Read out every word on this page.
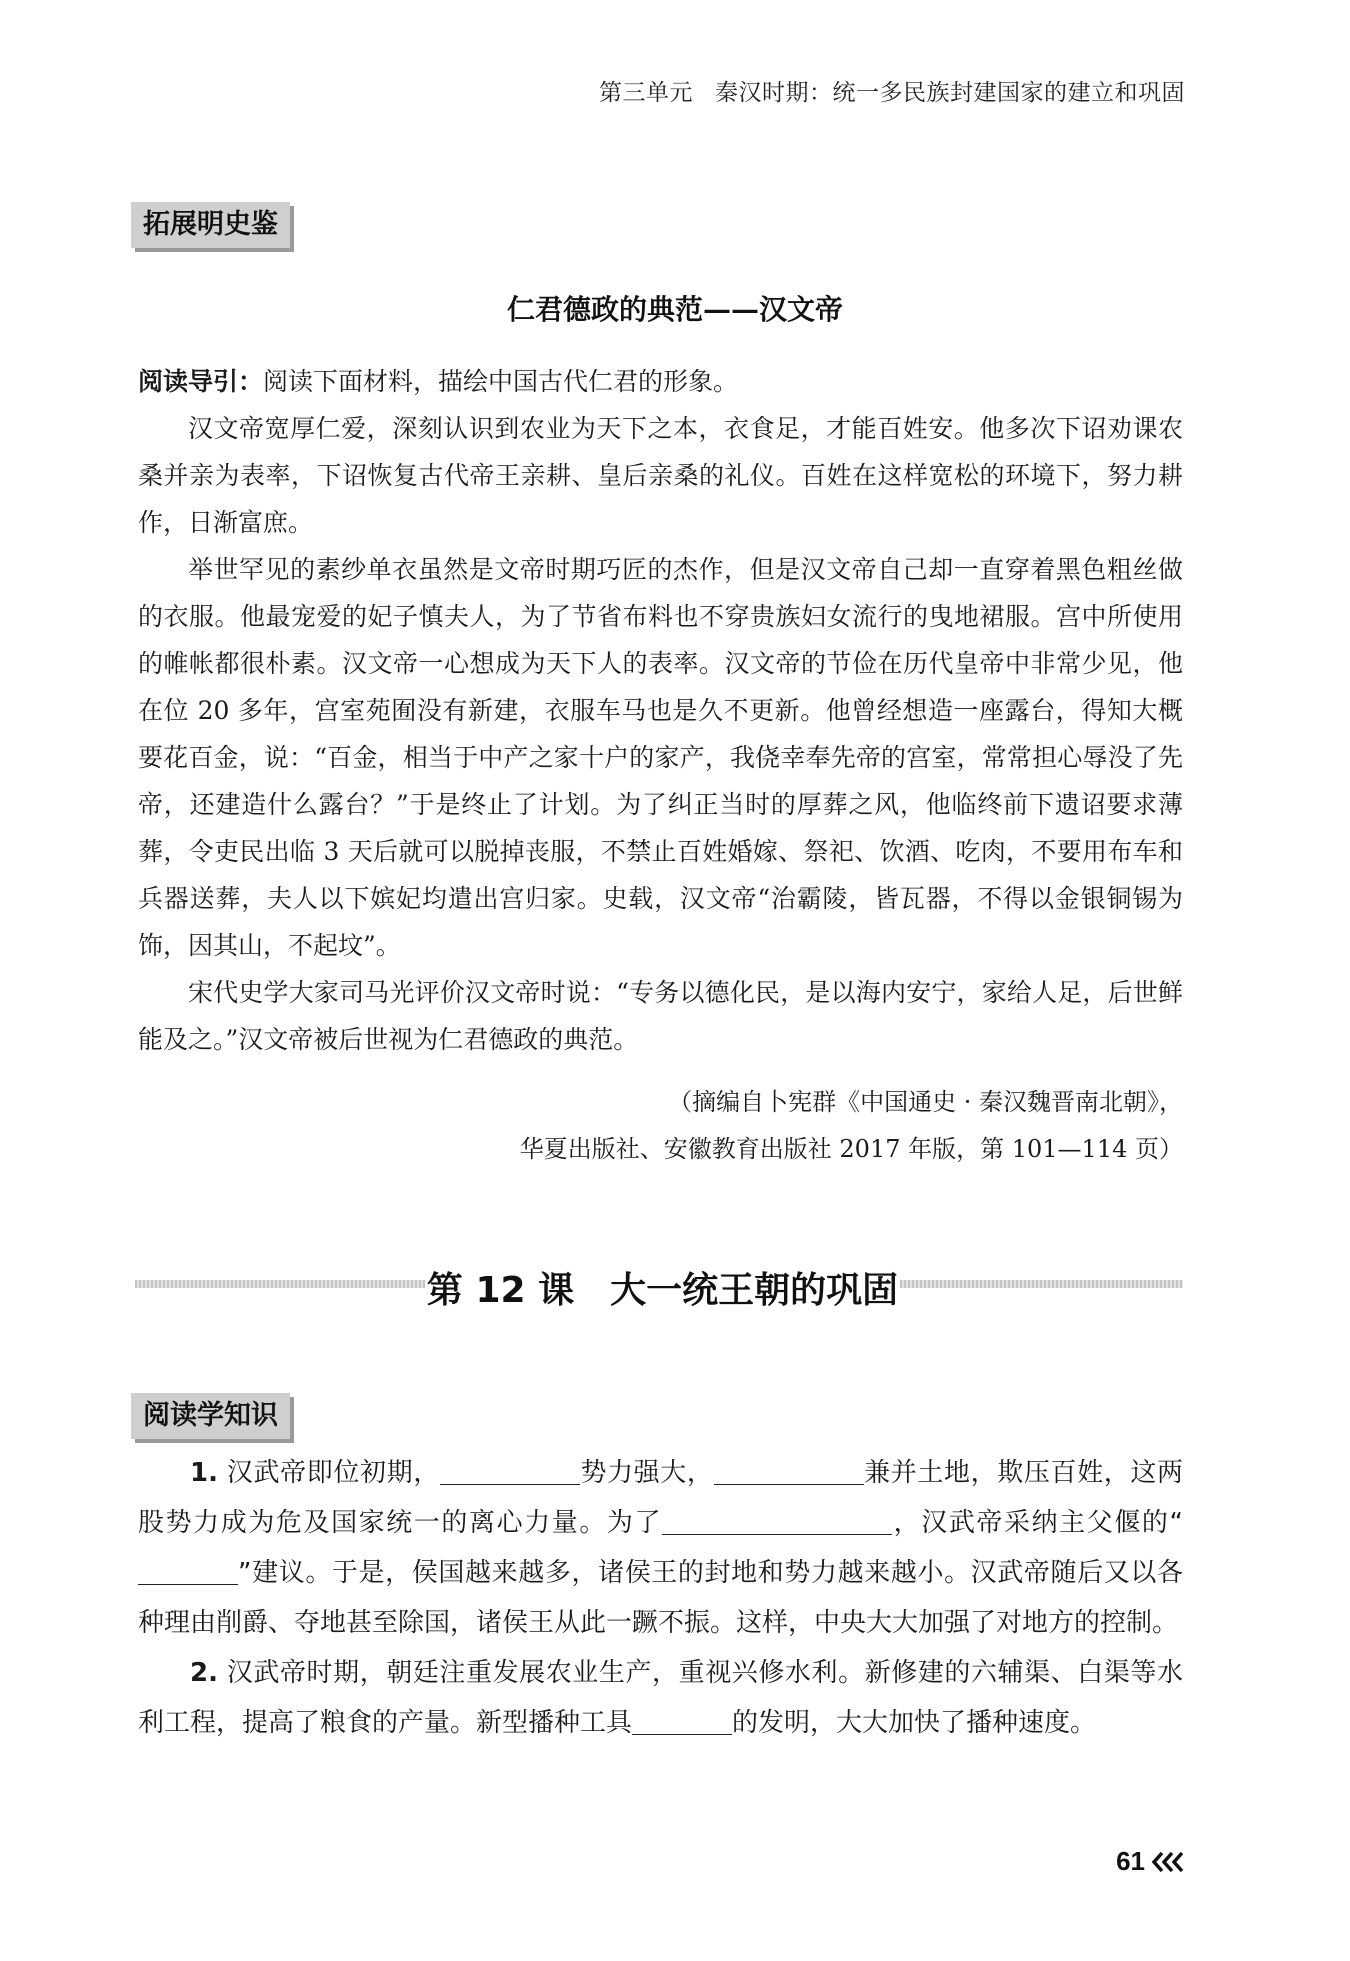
第三单元 秦汉时期：统一多民族封建国家的建立和巩固
拓展明史鉴
仁君德政的典范——汉文帝
阅读导引：阅读下面材料，描绘中国古代仁君的形象。

汉文帝宽厚仁爱，深刻认识到农业为天下之本，衣食足，才能百姓安。他多次下诏劝课农桑并亲为表率，下诏恢复古代帝王亲耕、皇后亲桑的礼仪。百姓在这样宽松的环境下，努力耕作，日渐富庶。

举世罕见的素纱单衣虽然是文帝时期巧匠的杰作，但是汉文帝自己却一直穿着黑色粗丝做的衣服。他最宠爱的妃子慎夫人，为了节省布料也不穿贵族妇女流行的曳地裙服。宫中所使用的帷帐都很朴素。汉文帝一心想成为天下人的表率。汉文帝的节俭在历代皇帝中非常少见，他在位 20 多年，宫室苑囿没有新建，衣服车马也是久不更新。他曾经想造一座露台，得知大概要花百金，说：“百金，相当于中产之家十户的家产，我侥幸奉先帝的宫室，常常担心辱没了先帝，还建造什么露台？”于是终止了计划。为了纠正当时的厚葬之风，他临终前下遗诏要求薄葬，令吏民出临 3 天后就可以脱掉丧服，不禁止百姓婚嫁、祭祀、饮酒、吃肉，不要用布车和兵器送葬，夫人以下嫔妃均遣出宫归家。史载，汉文帝“治霸陵，皆瓦器，不得以金银铜锡为饰，因其山，不起坟”。

宋代史学大家司马光评价汉文帝时说：“专务以德化民，是以海内安宁，家给人足，后世鲜能及之。”汉文帝被后世视为仁君德政的典范。

（摘编自卜宪群《中国通史 · 秦汉魏晋南北朝》，
华夏出版社、安徽教育出版社 2017 年版，第 101—114 页）
第 12 课 大一统王朝的巩固
阅读学知识

1. 汉武帝即位初期，	势力强大，	兼并土地，欺压百姓，这两股势力成为危及国家统一的离心力量。为了	，汉武帝采纳主父偃的“”建议。于是，侯国越来越多，诸侯王的封地和势力越来越小。汉武帝随后又以各种理由削爵、夺地甚至除国，诸侯王从此一蹶不振。这样，中央大大加强了对地方的控制。

2. 汉武帝时期，朝廷注重发展农业生产，重视兴修水利。新修建的六辅渠、白渠等水利工程，提高了粮食的产量。新型播种工具	的发明，大大加快了播种速度。

61
